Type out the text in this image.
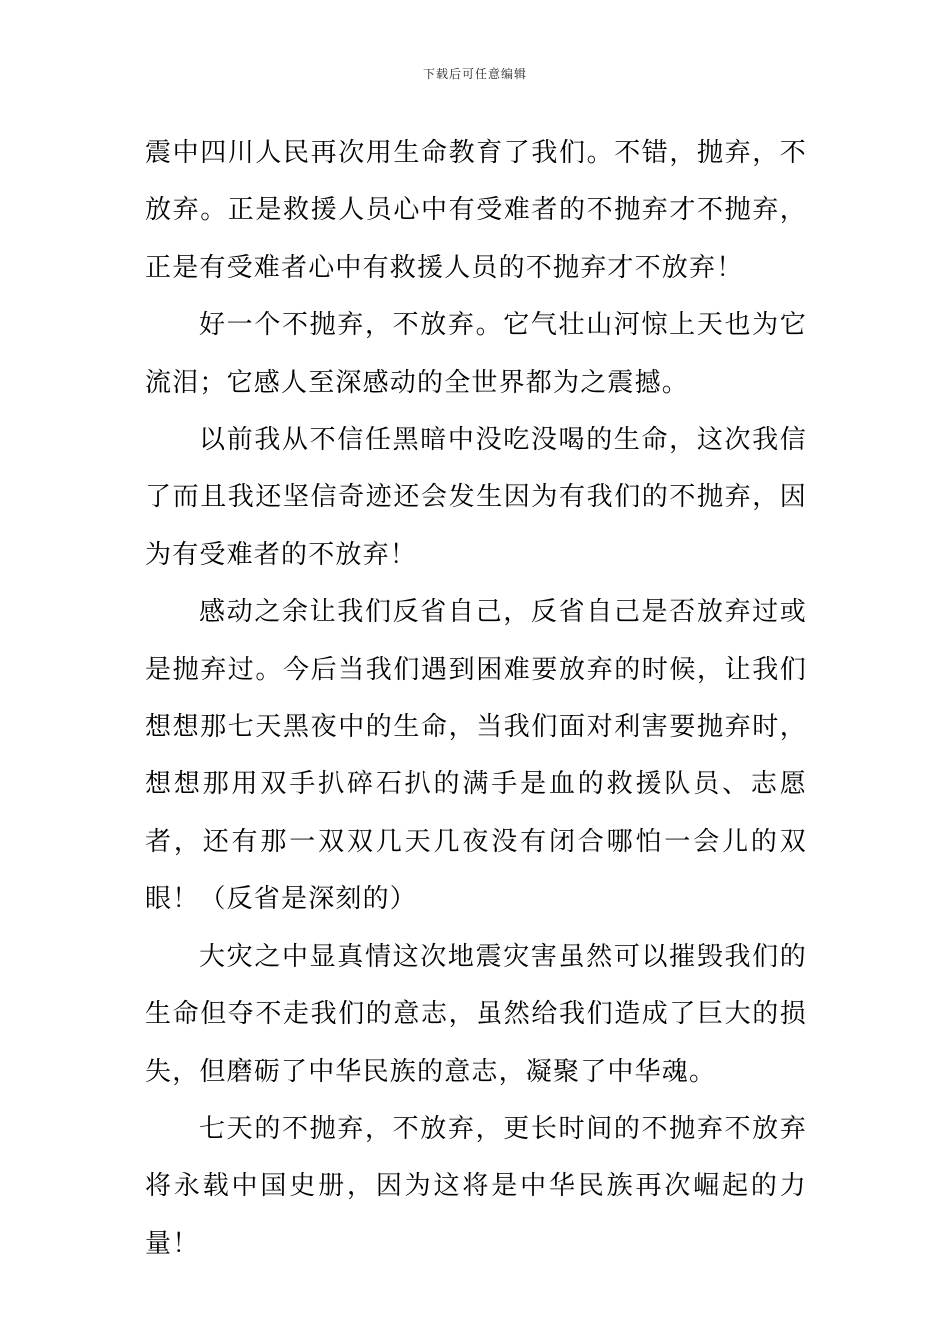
下载后可任意编辑

震中四川人民再次用生命教育了我们。不错，抛弃，不放弃。正是救援人员心中有受难者的不抛弃才不抛弃，正是有受难者心中有救援人员的不抛弃才不放弃！

好一个不抛弃，不放弃。它气壮山河惊上天也为它流泪；它感人至深感动的全世界都为之震撼。

以前我从不信任黑暗中没吃没喝的生命，这次我信了而且我还坚信奇迹还会发生因为有我们的不抛弃，因为有受难者的不放弃！

感动之余让我们反省自己，反省自己是否放弃过或是抛弃过。今后当我们遇到困难要放弃的时候，让我们想想那七天黑夜中的生命，当我们面对利害要抛弃时，想想那用双手扒碎石扒的满手是血的救援队员、志愿者，还有那一双双几天几夜没有闭合哪怕一会儿的双眼！（反省是深刻的）

大灾之中显真情这次地震灾害虽然可以摧毁我们的生命但夺不走我们的意志，虽然给我们造成了巨大的损失，但磨砺了中华民族的意志，凝聚了中华魂。

七天的不抛弃，不放弃，更长时间的不抛弃不放弃将永载中国史册，因为这将是中华民族再次崛起的力量！
